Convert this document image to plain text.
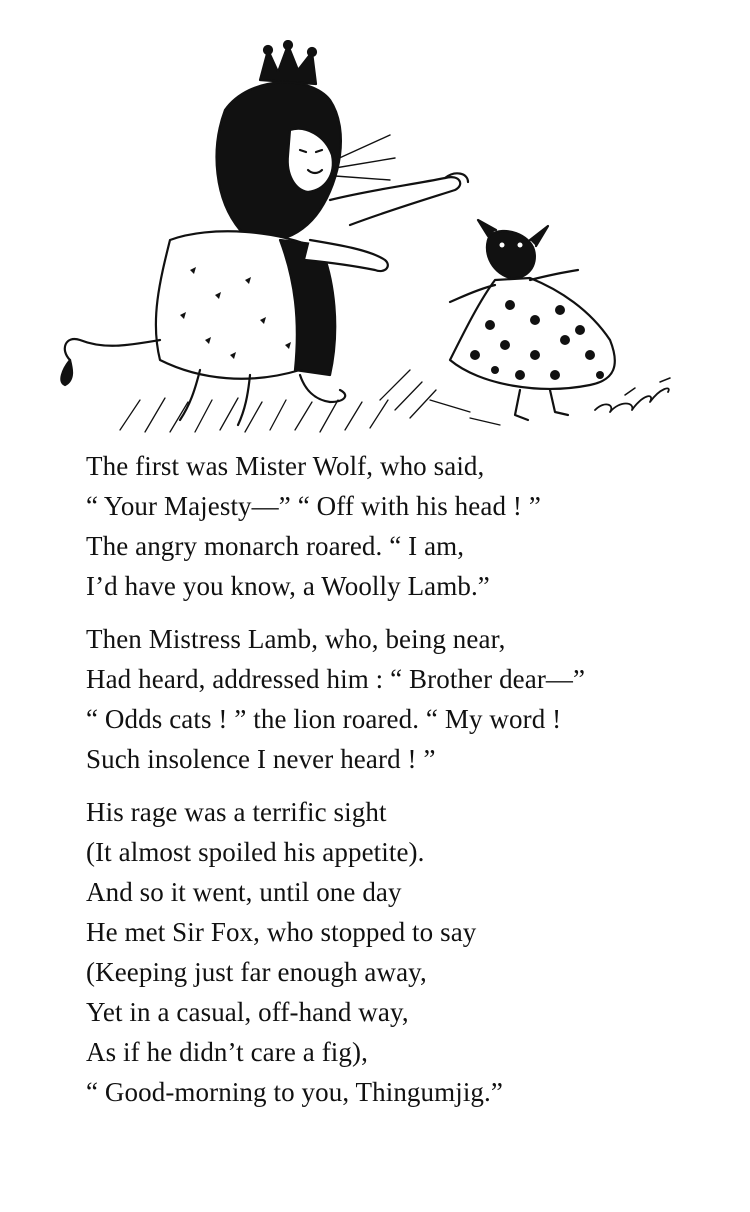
The first was Mister Wolf, who said,
“ Your Majesty—” “ Off with his head ! ”
The angry monarch roared. “ I am,
I’d have you know, a Woolly Lamb.”
Then Mistress Lamb, who, being near,
Had heard, addressed him : “ Brother dear—”
“ Odds cats ! ” the lion roared. “ My word !
Such insolence I never heard ! ”
His rage was a terrific sight
(It almost spoiled his appetite).
And so it went, until one day
He met Sir Fox, who stopped to say
(Keeping just far enough away,
Yet in a casual, off-hand way,
As if he didn’t care a fig),
“ Good-morning to you, Thingumjig.”
